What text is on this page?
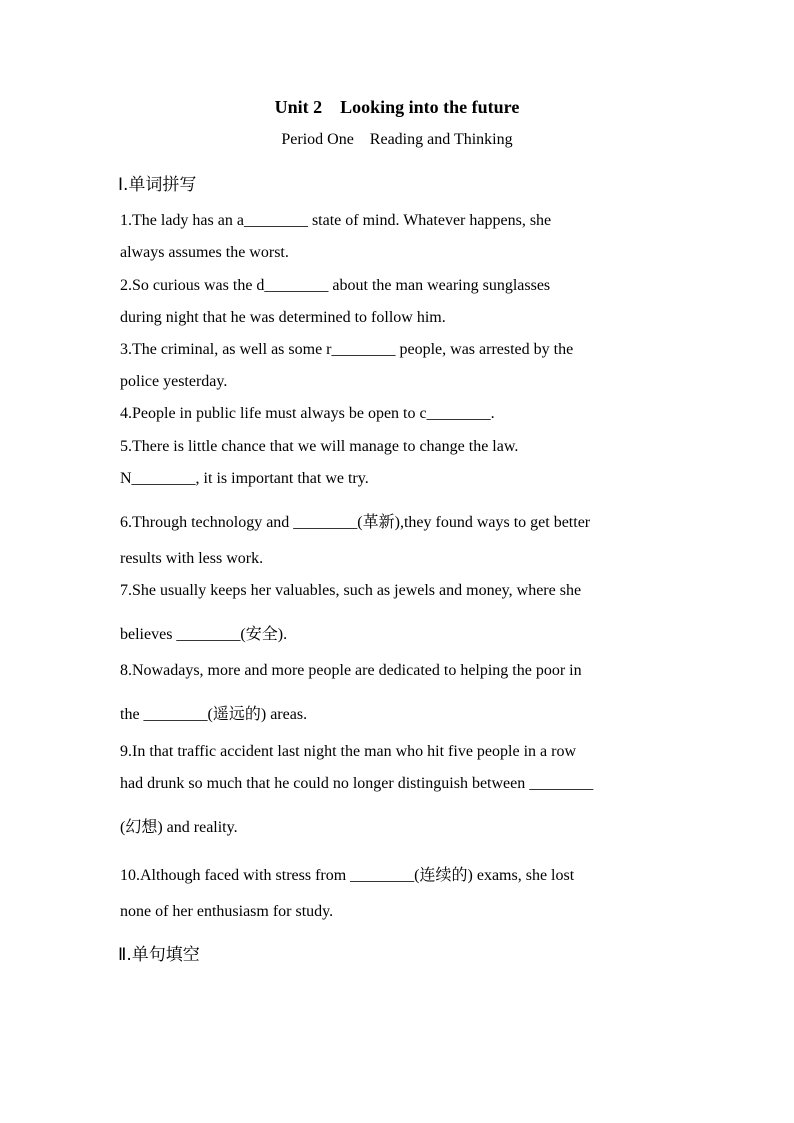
Unit 2    Looking into the future
Period One    Reading and Thinking
Ⅰ.单词拼写
1.The lady has an a________ state of mind. Whatever happens, she
always assumes the worst.
2.So curious was the d________ about the man wearing sunglasses
during night that he was determined to follow him.
3.The criminal, as well as some r________ people, was arrested by the
police yesterday.
4.People in public life must always be open to c________.
5.There is little chance that we will manage to change the law.
N________, it is important that we try.
6.Through technology and ________(革新),they found ways to get better
results with less work.
7.She usually keeps her valuables, such as jewels and money, where she
believes ________(安全).
8.Nowadays, more and more people are dedicated to helping the poor in
the ________(遥远的) areas.
9.In that traffic accident last night the man who hit five people in a row
had drunk so much that he could no longer distinguish between ________
(幻想) and reality.
10.Although faced with stress from ________(连续的) exams, she lost
none of her enthusiasm for study.
Ⅱ.单句填空
